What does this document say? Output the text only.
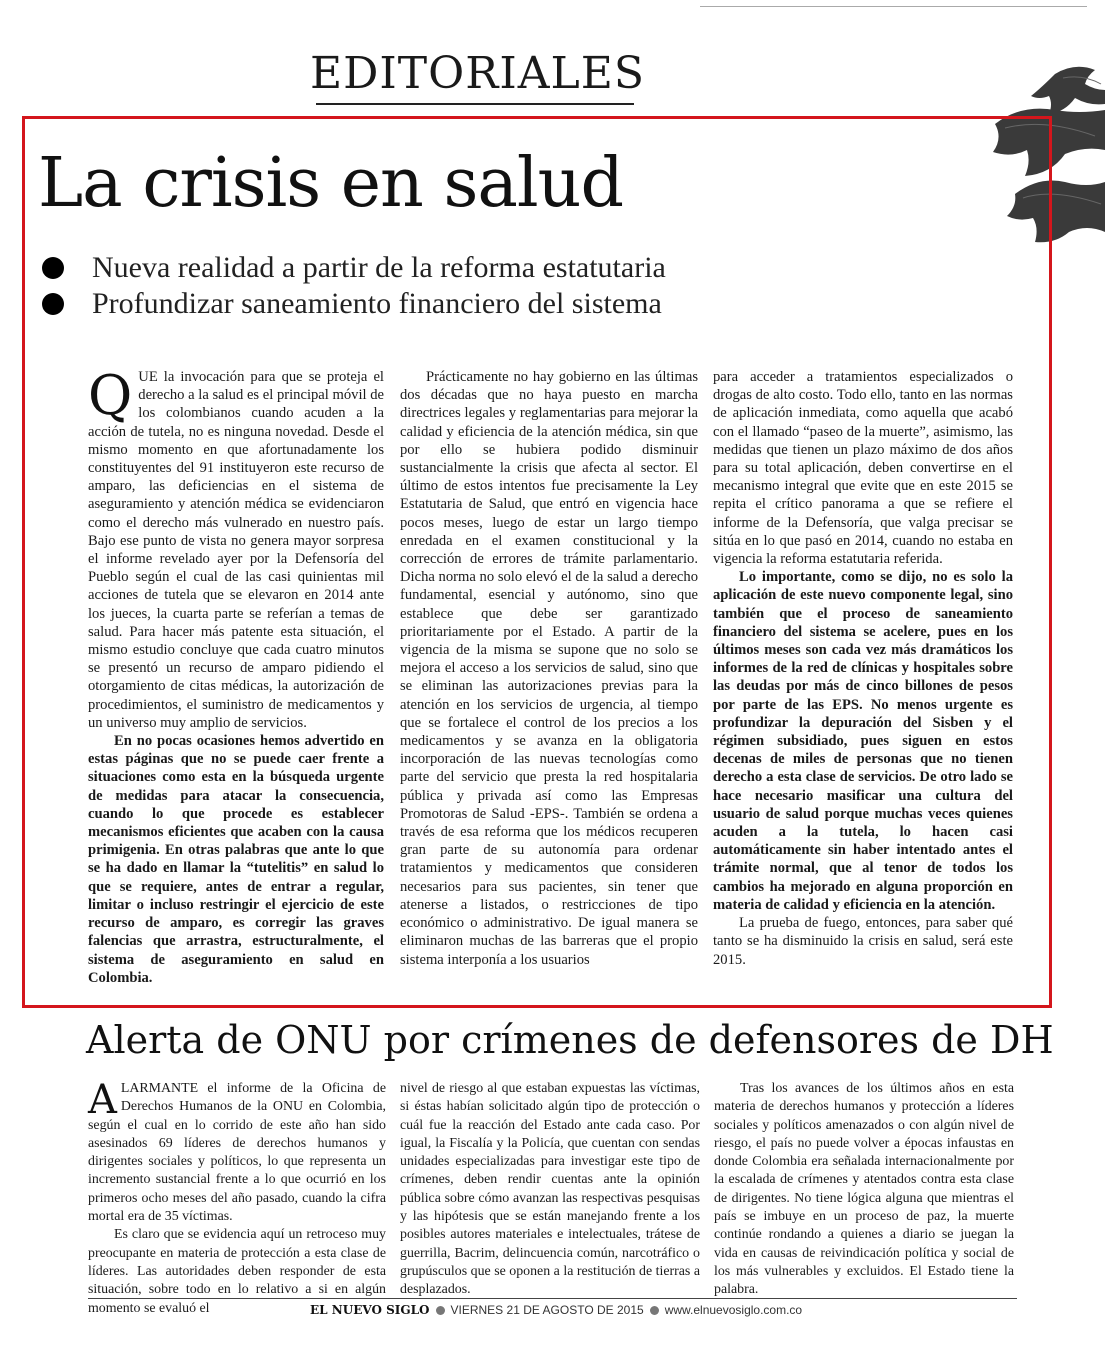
EDITORIALES
La crisis en salud
Nueva realidad a partir de la reforma estatutaria
Profundizar saneamiento financiero del sistema
Q UE la invocación para que se proteja el derecho a la salud es el principal móvil de los colombianos cuando acuden a la acción de tutela, no es ninguna novedad. Desde el mismo momento en que afortunadamente los constituyentes del 91 instituyeron este recurso de amparo, las deficiencias en el sistema de aseguramiento y atención médica se evidenciaron como el derecho más vulnerado en nuestro país. Bajo ese punto de vista no genera mayor sorpresa el informe revelado ayer por la Defensoría del Pueblo según el cual de las casi quinientas mil acciones de tutela que se elevaron en 2014 ante los jueces, la cuarta parte se referían a temas de salud. Para hacer más patente esta situación, el mismo estudio concluye que cada cuatro minutos se presentó un recurso de amparo pidiendo el otorgamiento de citas médicas, la autorización de procedimientos, el suministro de medicamentos y un universo muy amplio de servicios.

En no pocas ocasiones hemos advertido en estas páginas que no se puede caer frente a situaciones como esta en la búsqueda urgente de medidas para atacar la consecuencia, cuando lo que procede es establecer mecanismos eficientes que acaben con la causa primigenia. En otras palabras que ante lo que se ha dado en llamar la “tutelitis” en salud lo que se requiere, antes de entrar a regular, limitar o incluso restringir el ejercicio de este recurso de amparo, es corregir las graves falencias que arrastra, estructuralmente, el sistema de aseguramiento en salud en Colombia.

Prácticamente no hay gobierno en las últimas dos décadas que no haya puesto en marcha directrices legales y reglamentarias para mejorar la calidad y eficiencia de la atención médica, sin que por ello se hubiera podido disminuir sustancialmente la crisis que afecta al sector. El último de estos intentos fue precisamente la Ley Estatutaria de Salud, que entró en vigencia hace pocos meses, luego de estar un largo tiempo enredada en el examen constitucional y la corrección de errores de trámite parlamentario. Dicha norma no solo elevó el de la salud a derecho fundamental, esencial y autónomo, sino que establece que debe ser garantizado prioritariamente por el Estado. A partir de la vigencia de la misma se supone que no solo se mejora el acceso a los servicios de salud, sino que se eliminan las autorizaciones previas para la atención en los servicios de urgencia, al tiempo que se fortalece el control de los precios a los medicamentos y se avanza en la obligatoria incorporación de las nuevas tecnologías como parte del servicio que presta la red hospitalaria pública y privada así como las Empresas Promotoras de Salud -EPS-. También se ordena a través de esa reforma que los médicos recuperen gran parte de su autonomía para ordenar tratamientos y medicamentos que consideren necesarios para sus pacientes, sin tener que atenerse a listados, o restricciones de tipo económico o administrativo. De igual manera se eliminaron muchas de las barreras que el propio sistema interponía a los usuarios

para acceder a tratamientos especializados o drogas de alto costo. Todo ello, tanto en las normas de aplicación inmediata, como aquella que acabó con el llamado “paseo de la muerte”, asimismo, las medidas que tienen un plazo máximo de dos años para su total aplicación, deben convertirse en el mecanismo integral que evite que en este 2015 se repita el crítico panorama a que se refiere el informe de la Defensoría, que valga precisar se sitúa en lo que pasó en 2014, cuando no estaba en vigencia la reforma estatutaria referida.

Lo importante, como se dijo, no es solo la aplicación de este nuevo componente legal, sino también que el proceso de saneamiento financiero del sistema se acelere, pues en los últimos meses son cada vez más dramáticos los informes de la red de clínicas y hospitales sobre las deudas por más de cinco billones de pesos por parte de las EPS. No menos urgente es profundizar la depuración del Sisben y el régimen subsidiado, pues siguen en estos decenas de miles de personas que no tienen derecho a esta clase de servicios. De otro lado se hace necesario masificar una cultura del usuario de salud porque muchas veces quienes acuden a la tutela, lo hacen casi automáticamente sin haber intentado antes el trámite normal, que al tenor de todos los cambios ha mejorado en alguna proporción en materia de calidad y eficiencia en la atención.

La prueba de fuego, entonces, para saber qué tanto se ha disminuido la crisis en salud, será este 2015.

Alerta de ONU por crímenes de defensores de DH
A LARMANTE el informe de la Oficina de Derechos Humanos de la ONU en Colombia, según el cual en lo corrido de este año han sido asesinados 69 líderes de derechos humanos y dirigentes sociales y políticos, lo que representa un incremento sustancial frente a lo que ocurrió en los primeros ocho meses del año pasado, cuando la cifra mortal era de 35 víctimas.

Es claro que se evidencia aquí un retroceso muy preocupante en materia de protección a esta clase de líderes. Las autoridades deben responder de esta situación, sobre todo en lo relativo a si en algún momento se evaluó el

nivel de riesgo al que estaban expuestas las víctimas, si éstas habían solicitado algún tipo de protección o cuál fue la reacción del Estado ante cada caso. Por igual, la Fiscalía y la Policía, que cuentan con sendas unidades especializadas para investigar este tipo de crímenes, deben rendir cuentas ante la opinión pública sobre cómo avanzan las respectivas pesquisas y las hipótesis que se están manejando frente a los posibles autores materiales e intelectuales, trátese de guerrilla, Bacrim, delincuencia común, narcotráfico o grupúsculos que se oponen a la restitución de tierras a desplazados.

Tras los avances de los últimos años en esta materia de derechos humanos y protección a líderes sociales y políticos amenazados o con algún nivel de riesgo, el país no puede volver a épocas infaustas en donde Colombia era señalada internacionalmente por la escalada de crímenes y atentados contra esta clase de dirigentes. No tiene lógica alguna que mientras el país se imbuye en un proceso de paz, la muerte continúe rondando a quienes a diario se juegan la vida en causas de reivindicación política y social de los más vulnerables y excluidos. El Estado tiene la palabra.

EL NUEVO SIGLO VIERNES 21 DE AGOSTO DE 2015 www.elnuevosiglo.com.co
